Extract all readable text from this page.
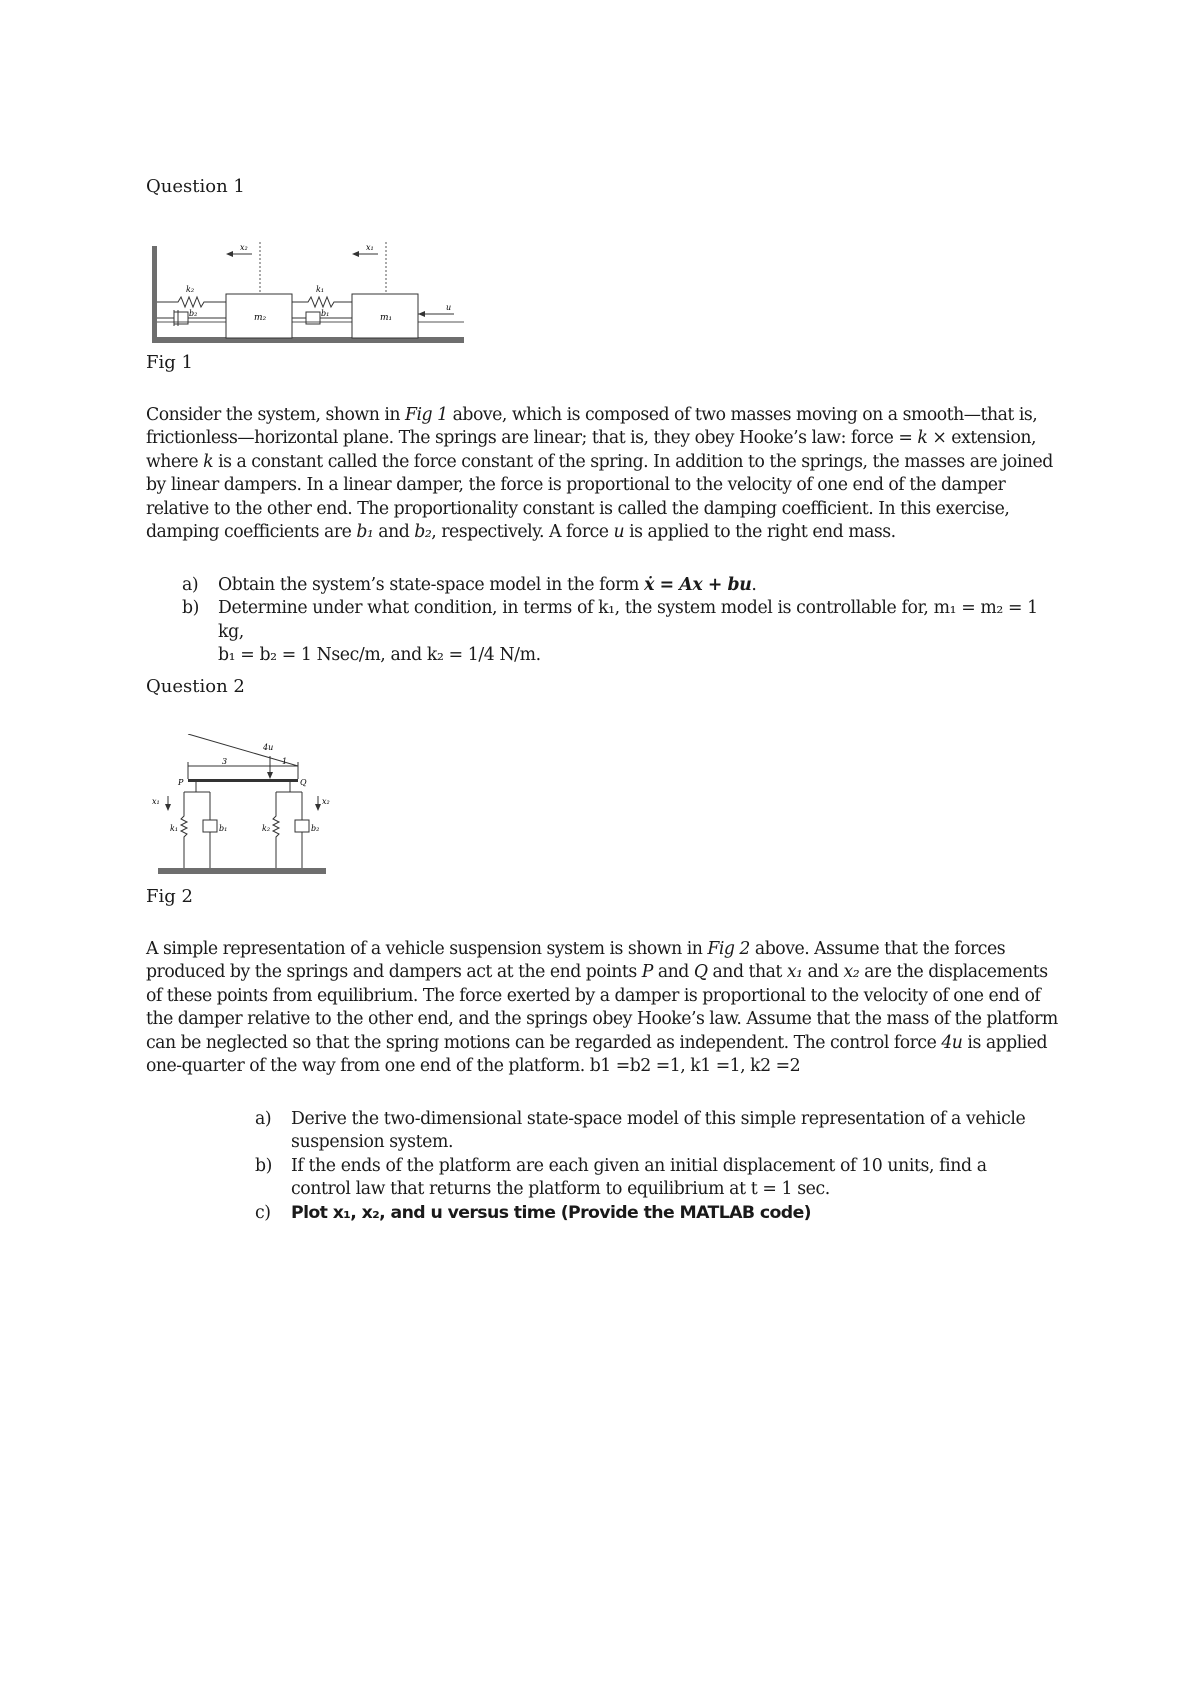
Question 1
x₂	x₁
k₂	k₁
b₂	b₁
m₂	m₁
u
Fig 1
Consider the system, shown in Fig 1 above, which is composed of two masses moving on a smooth—that is, frictionless—horizontal plane. The springs are linear; that is, they obey Hooke’s law: force = k × extension, where k is a constant called the force constant of the spring. In addition to the springs, the masses are joined by linear dampers. In a linear damper, the force is proportional to the velocity of one end of the damper relative to the other end. The proportionality constant is called the damping coefficient. In this exercise, damping coefficients are b₁ and b₂, respectively. A force u is applied to the right end mass.
a) Obtain the system’s state-space model in the form ẋ = Ax + bu.
b) Determine under what condition, in terms of k₁, the system model is controllable for, m₁ = m₂ = 1 kg,
b₁ = b₂ = 1 Nsec/m, and k₂ = 1/4 N/m.
Question 2
4u
3	1
P	Q
x₁	x₂
k₁	b₁	k₂	b₂
Fig 2
A simple representation of a vehicle suspension system is shown in Fig 2 above. Assume that the forces produced by the springs and dampers act at the end points P and Q and that x₁ and x₂ are the displacements of these points from equilibrium. The force exerted by a damper is proportional to the velocity of one end of the damper relative to the other end, and the springs obey Hooke’s law. Assume that the mass of the platform can be neglected so that the spring motions can be regarded as independent. The control force 4u is applied one-quarter of the way from one end of the platform. b1 =b2 =1, k1 =1, k2 =2
a) Derive the two-dimensional state-space model of this simple representation of a vehicle suspension system.
b) If the ends of the platform are each given an initial displacement of 10 units, find a control law that returns the platform to equilibrium at t = 1 sec.
c) Plot x₁, x₂, and u versus time (Provide the MATLAB code)
